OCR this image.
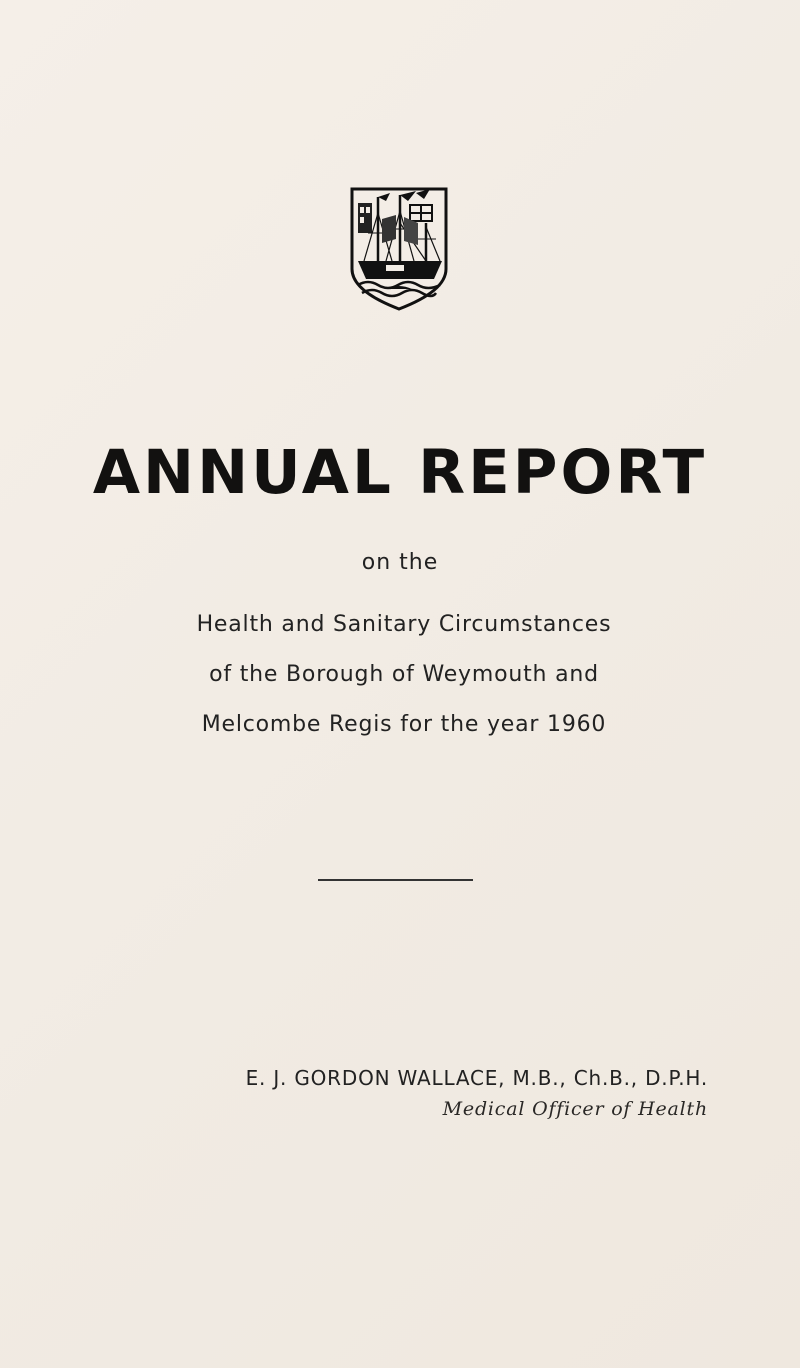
ANNUAL REPORT
on the
Health and Sanitary Circumstances
of the Borough of Weymouth and
Melcombe Regis for the year 1960
E. J. GORDON WALLACE, M.B., Ch.B., D.P.H.
Medical Officer of Health
